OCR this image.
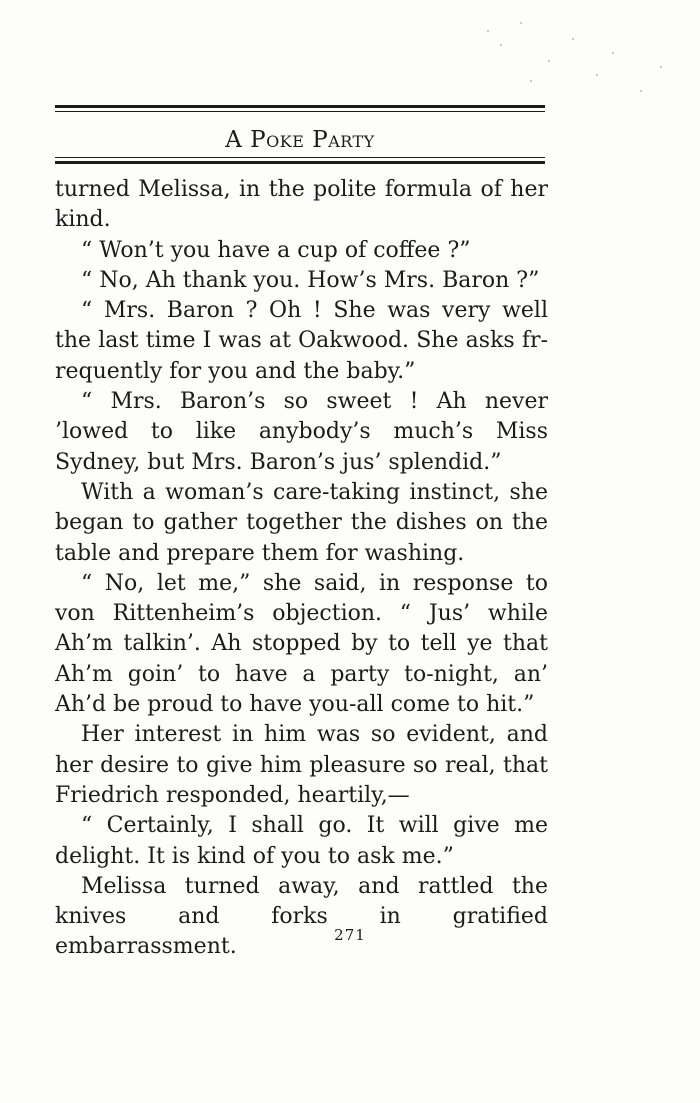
A Poke Party

turned Melissa, in the polite formula of her kind.

“ Won’t you have a cup of coffee ?”

“ No, Ah thank you. How’s Mrs. Baron ?”

“ Mrs. Baron ? Oh ! She was very well the last time I was at Oakwood. She asks fr-requently for you and the baby.”

“ Mrs. Baron’s so sweet ! Ah never ’lowed to like anybody’s much’s Miss Sydney, but Mrs. Baron’s jus’ splendid.”

With a woman’s care-taking instinct, she began to gather together the dishes on the table and prepare them for washing.

“ No, let me,” she said, in response to von Rittenheim’s objection. “ Jus’ while Ah’m talkin’. Ah stopped by to tell ye that Ah’m goin’ to have a party to-night, an’ Ah’d be proud to have you-all come to hit.”

Her interest in him was so evident, and her desire to give him pleasure so real, that Friedrich responded, heartily,—

“ Certainly, I shall go. It will give me delight. It is kind of you to ask me.”

Melissa turned away, and rattled the knives and forks in gratified embarrassment.	271
